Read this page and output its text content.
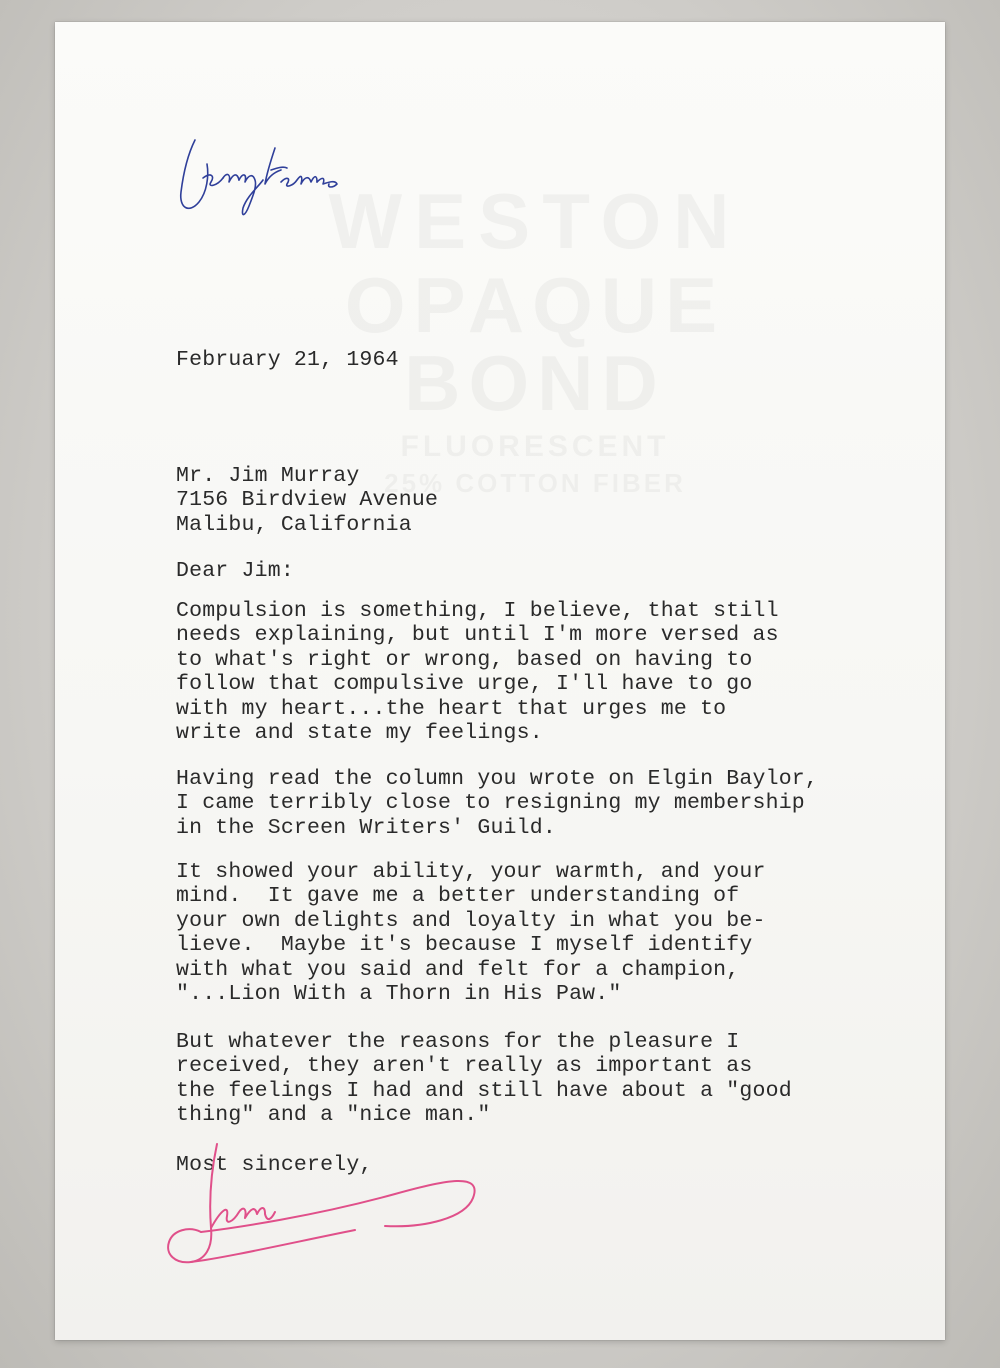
WESTON
OPAQUE BOND
FLUORESCENT
25% COTTON FIBER
February 21, 1964
Mr. Jim Murray
7156 Birdview Avenue
Malibu, California
Dear Jim:
Compulsion is something, I believe, that still
needs explaining, but until I'm more versed as
to what's right or wrong, based on having to
follow that compulsive urge, I'll have to go
with my heart...the heart that urges me to
write and state my feelings.
Having read the column you wrote on Elgin Baylor,
I came terribly close to resigning my membership
in the Screen Writers' Guild.
It showed your ability, your warmth, and your
mind.  It gave me a better understanding of
your own delights and loyalty in what you be-
lieve.  Maybe it's because I myself identify
with what you said and felt for a champion,
"...Lion With a Thorn in His Paw."
But whatever the reasons for the pleasure I
received, they aren't really as important as
the feelings I had and still have about a "good
thing" and a "nice man."
Most sincerely,
